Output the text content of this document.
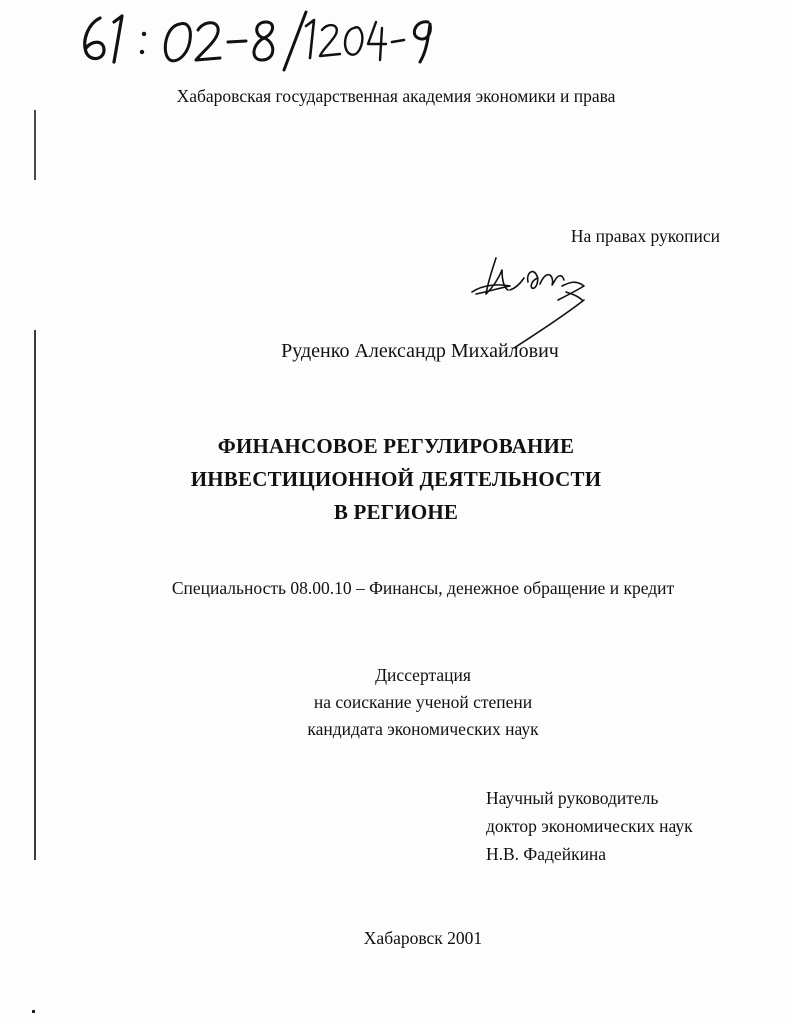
Хабаровская государственная академия экономики и права
На правах рукописи
Руденко Александр Михайлович
ФИНАНСОВОЕ РЕГУЛИРОВАНИЕ
ИНВЕСТИЦИОННОЙ ДЕЯТЕЛЬНОСТИ
В РЕГИОНЕ
Специальность 08.00.10 – Финансы, денежное обращение и кредит
Диссертация
на соискание ученой степени
кандидата экономических наук
Научный руководитель
доктор экономических наук
Н.В. Фадейкина
Хабаровск 2001
